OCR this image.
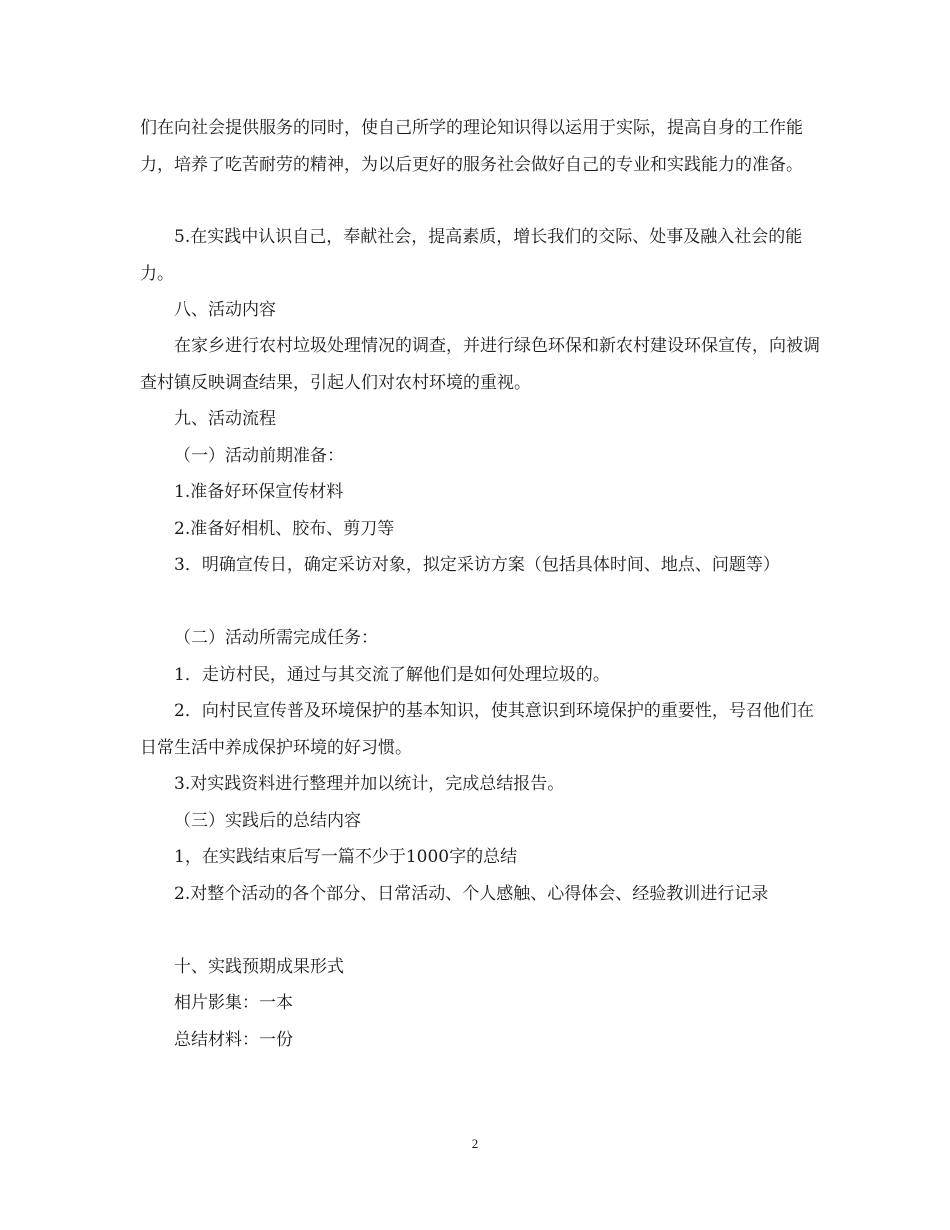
们在向社会提供服务的同时，使自己所学的理论知识得以运用于实际，提高自身的工作能力，培养了吃苦耐劳的精神，为以后更好的服务社会做好自己的专业和实践能力的准备。

5.在实践中认识自己，奉献社会，提高素质，增长我们的交际、处事及融入社会的能力。

八、活动内容

在家乡进行农村垃圾处理情况的调查，并进行绿色环保和新农村建设环保宣传，向被调查村镇反映调查结果，引起人们对农村环境的重视。

九、活动流程

（一）活动前期准备：

1.准备好环保宣传材料

2.准备好相机、胶布、剪刀等

3．明确宣传日，确定采访对象，拟定采访方案（包括具体时间、地点、问题等）

（二）活动所需完成任务：

1．走访村民，通过与其交流了解他们是如何处理垃圾的。

2．向村民宣传普及环境保护的基本知识，使其意识到环境保护的重要性，号召他们在日常生活中养成保护环境的好习惯。

3.对实践资料进行整理并加以统计，完成总结报告。

（三）实践后的总结内容

1，在实践结束后写一篇不少于1000字的总结

2.对整个活动的各个部分、日常活动、个人感触、心得体会、经验教训进行记录

十、实践预期成果形式

相片影集：一本

总结材料：一份

2
